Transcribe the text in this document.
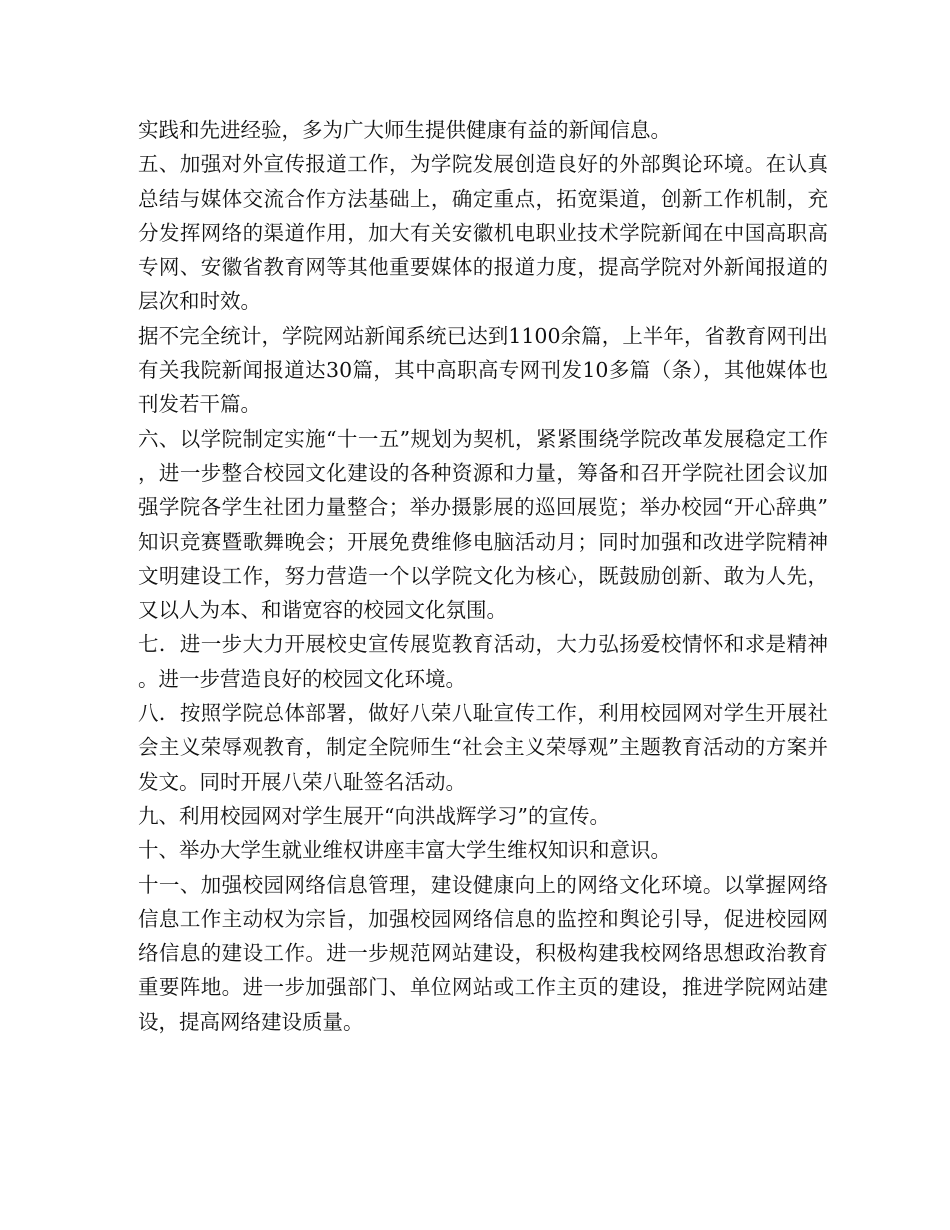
实践和先进经验，多为广大师生提供健康有益的新闻信息。

五、加强对外宣传报道工作，为学院发展创造良好的外部舆论环境。在认真总结与媒体交流合作方法基础上，确定重点，拓宽渠道，创新工作机制，充分发挥网络的渠道作用，加大有关安徽机电职业技术学院新闻在中国高职高专网、安徽省教育网等其他重要媒体的报道力度，提高学院对外新闻报道的层次和时效。

据不完全统计，学院网站新闻系统已达到1100余篇，上半年，省教育网刊出有关我院新闻报道达30篇，其中高职高专网刊发10多篇（条），其他媒体也刊发若干篇。

六、以学院制定实施“十一五”规划为契机，紧紧围绕学院改革发展稳定工作，进一步整合校园文化建设的各种资源和力量，筹备和召开学院社团会议加强学院各学生社团力量整合；举办摄影展的巡回展览；举办校园“开心辞典”知识竞赛暨歌舞晚会；开展免费维修电脑活动月；同时加强和改进学院精神文明建设工作，努力营造一个以学院文化为核心，既鼓励创新、敢为人先，又以人为本、和谐宽容的校园文化氛围。

七．进一步大力开展校史宣传展览教育活动，大力弘扬爱校情怀和求是精神。进一步营造良好的校园文化环境。

八．按照学院总体部署，做好八荣八耻宣传工作，利用校园网对学生开展社会主义荣辱观教育，制定全院师生“社会主义荣辱观”主题教育活动的方案并发文。同时开展八荣八耻签名活动。

九、利用校园网对学生展开“向洪战辉学习”的宣传。

十、举办大学生就业维权讲座丰富大学生维权知识和意识。

十一、加强校园网络信息管理，建设健康向上的网络文化环境。以掌握网络信息工作主动权为宗旨，加强校园网络信息的监控和舆论引导，促进校园网络信息的建设工作。进一步规范网站建设，积极构建我校网络思想政治教育重要阵地。进一步加强部门、单位网站或工作主页的建设，推进学院网站建设，提高网络建设质量。
